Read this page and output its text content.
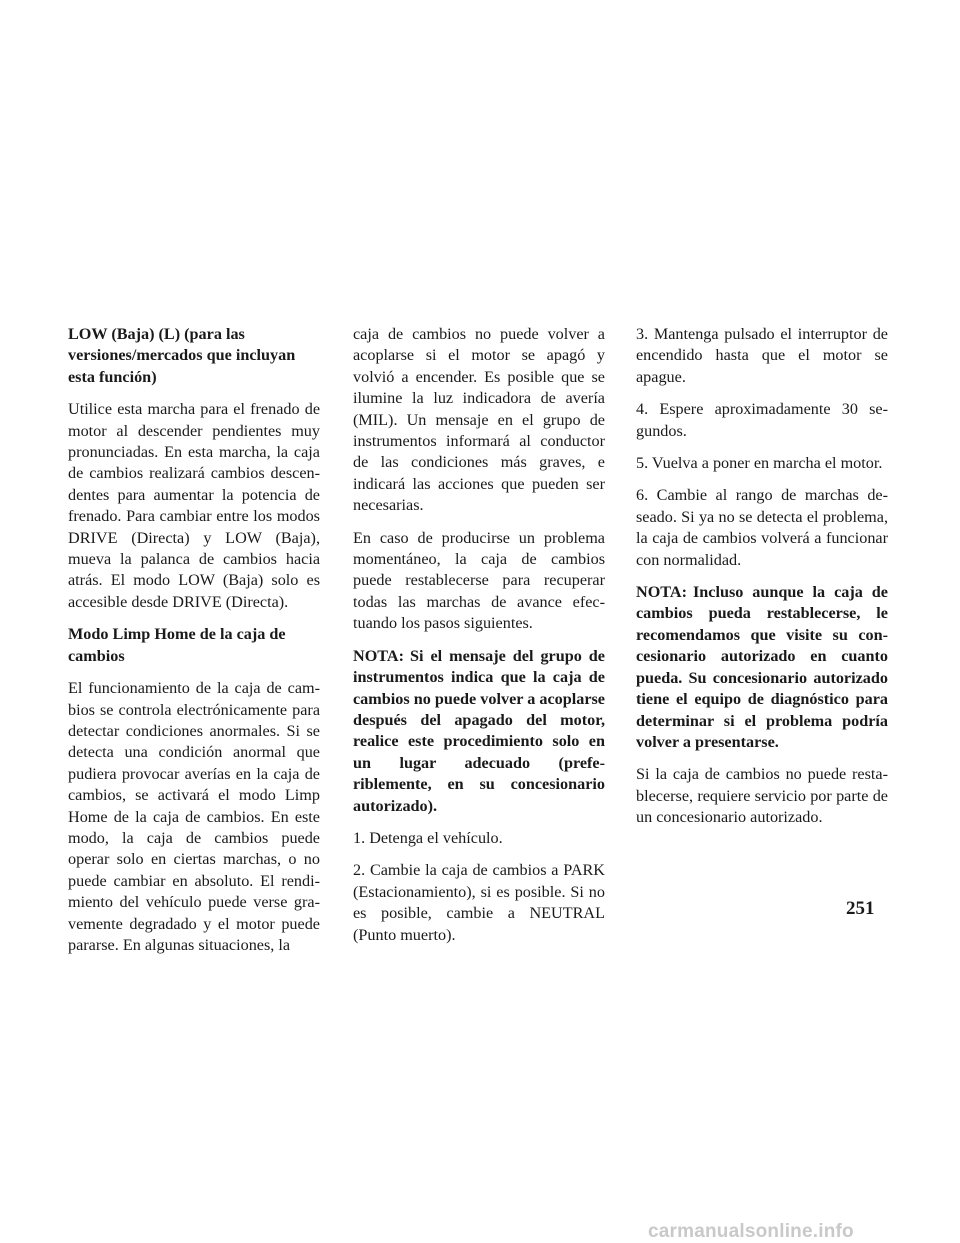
LOW (Baja) (L) (para las versiones/mercados que incluyan esta función)

Utilice esta marcha para el frenado de motor al descender pendientes muy pronunciadas. En esta marcha, la caja de cambios realizará cambios descendentes para aumentar la potencia de frenado. Para cambiar entre los modos DRIVE (Directa) y LOW (Baja), mueva la palanca de cambios hacia atrás. El modo LOW (Baja) solo es accesible desde DRIVE (Directa).

Modo Limp Home de la caja de cambios

El funcionamiento de la caja de cambios se controla electrónicamente para detectar condiciones anormales. Si se detecta una condición anormal que pudiera provocar averías en la caja de cambios, se activará el modo Limp Home de la caja de cambios. En este modo, la caja de cambios puede operar solo en ciertas marchas, o no puede cambiar en absoluto. El rendimiento del vehículo puede verse gravemente degradado y el motor puede pararse. En algunas situaciones, la

caja de cambios no puede volver a acoplarse si el motor se apagó y volvió a encender. Es posible que se ilumine la luz indicadora de avería (MIL). Un mensaje en el grupo de instrumentos informará al conductor de las condiciones más graves, e indicará las acciones que pueden ser necesarias.

En caso de producirse un problema momentáneo, la caja de cambios puede restablecerse para recuperar todas las marchas de avance efectuando los pasos siguientes.

NOTA: Si el mensaje del grupo de instrumentos indica que la caja de cambios no puede volver a acoplarse después del apagado del motor, realice este procedimiento solo en un lugar adecuado (preferiblemente, en su concesionario autorizado).

1. Detenga el vehículo.

2. Cambie la caja de cambios a PARK (Estacionamiento), si es posible. Si no es posible, cambie a NEUTRAL (Punto muerto).

3. Mantenga pulsado el interruptor de encendido hasta que el motor se apague.

4. Espere aproximadamente 30 segundos.

5. Vuelva a poner en marcha el motor.

6. Cambie al rango de marchas deseado. Si ya no se detecta el problema, la caja de cambios volverá a funcionar con normalidad.

NOTA: Incluso aunque la caja de cambios pueda restablecerse, le recomendamos que visite su concesionario autorizado en cuanto pueda. Su concesionario autorizado tiene el equipo de diagnóstico para determinar si el problema podría volver a presentarse.

Si la caja de cambios no puede restablecerse, requiere servicio por parte de un concesionario autorizado.

251
carmanualsonline.info
